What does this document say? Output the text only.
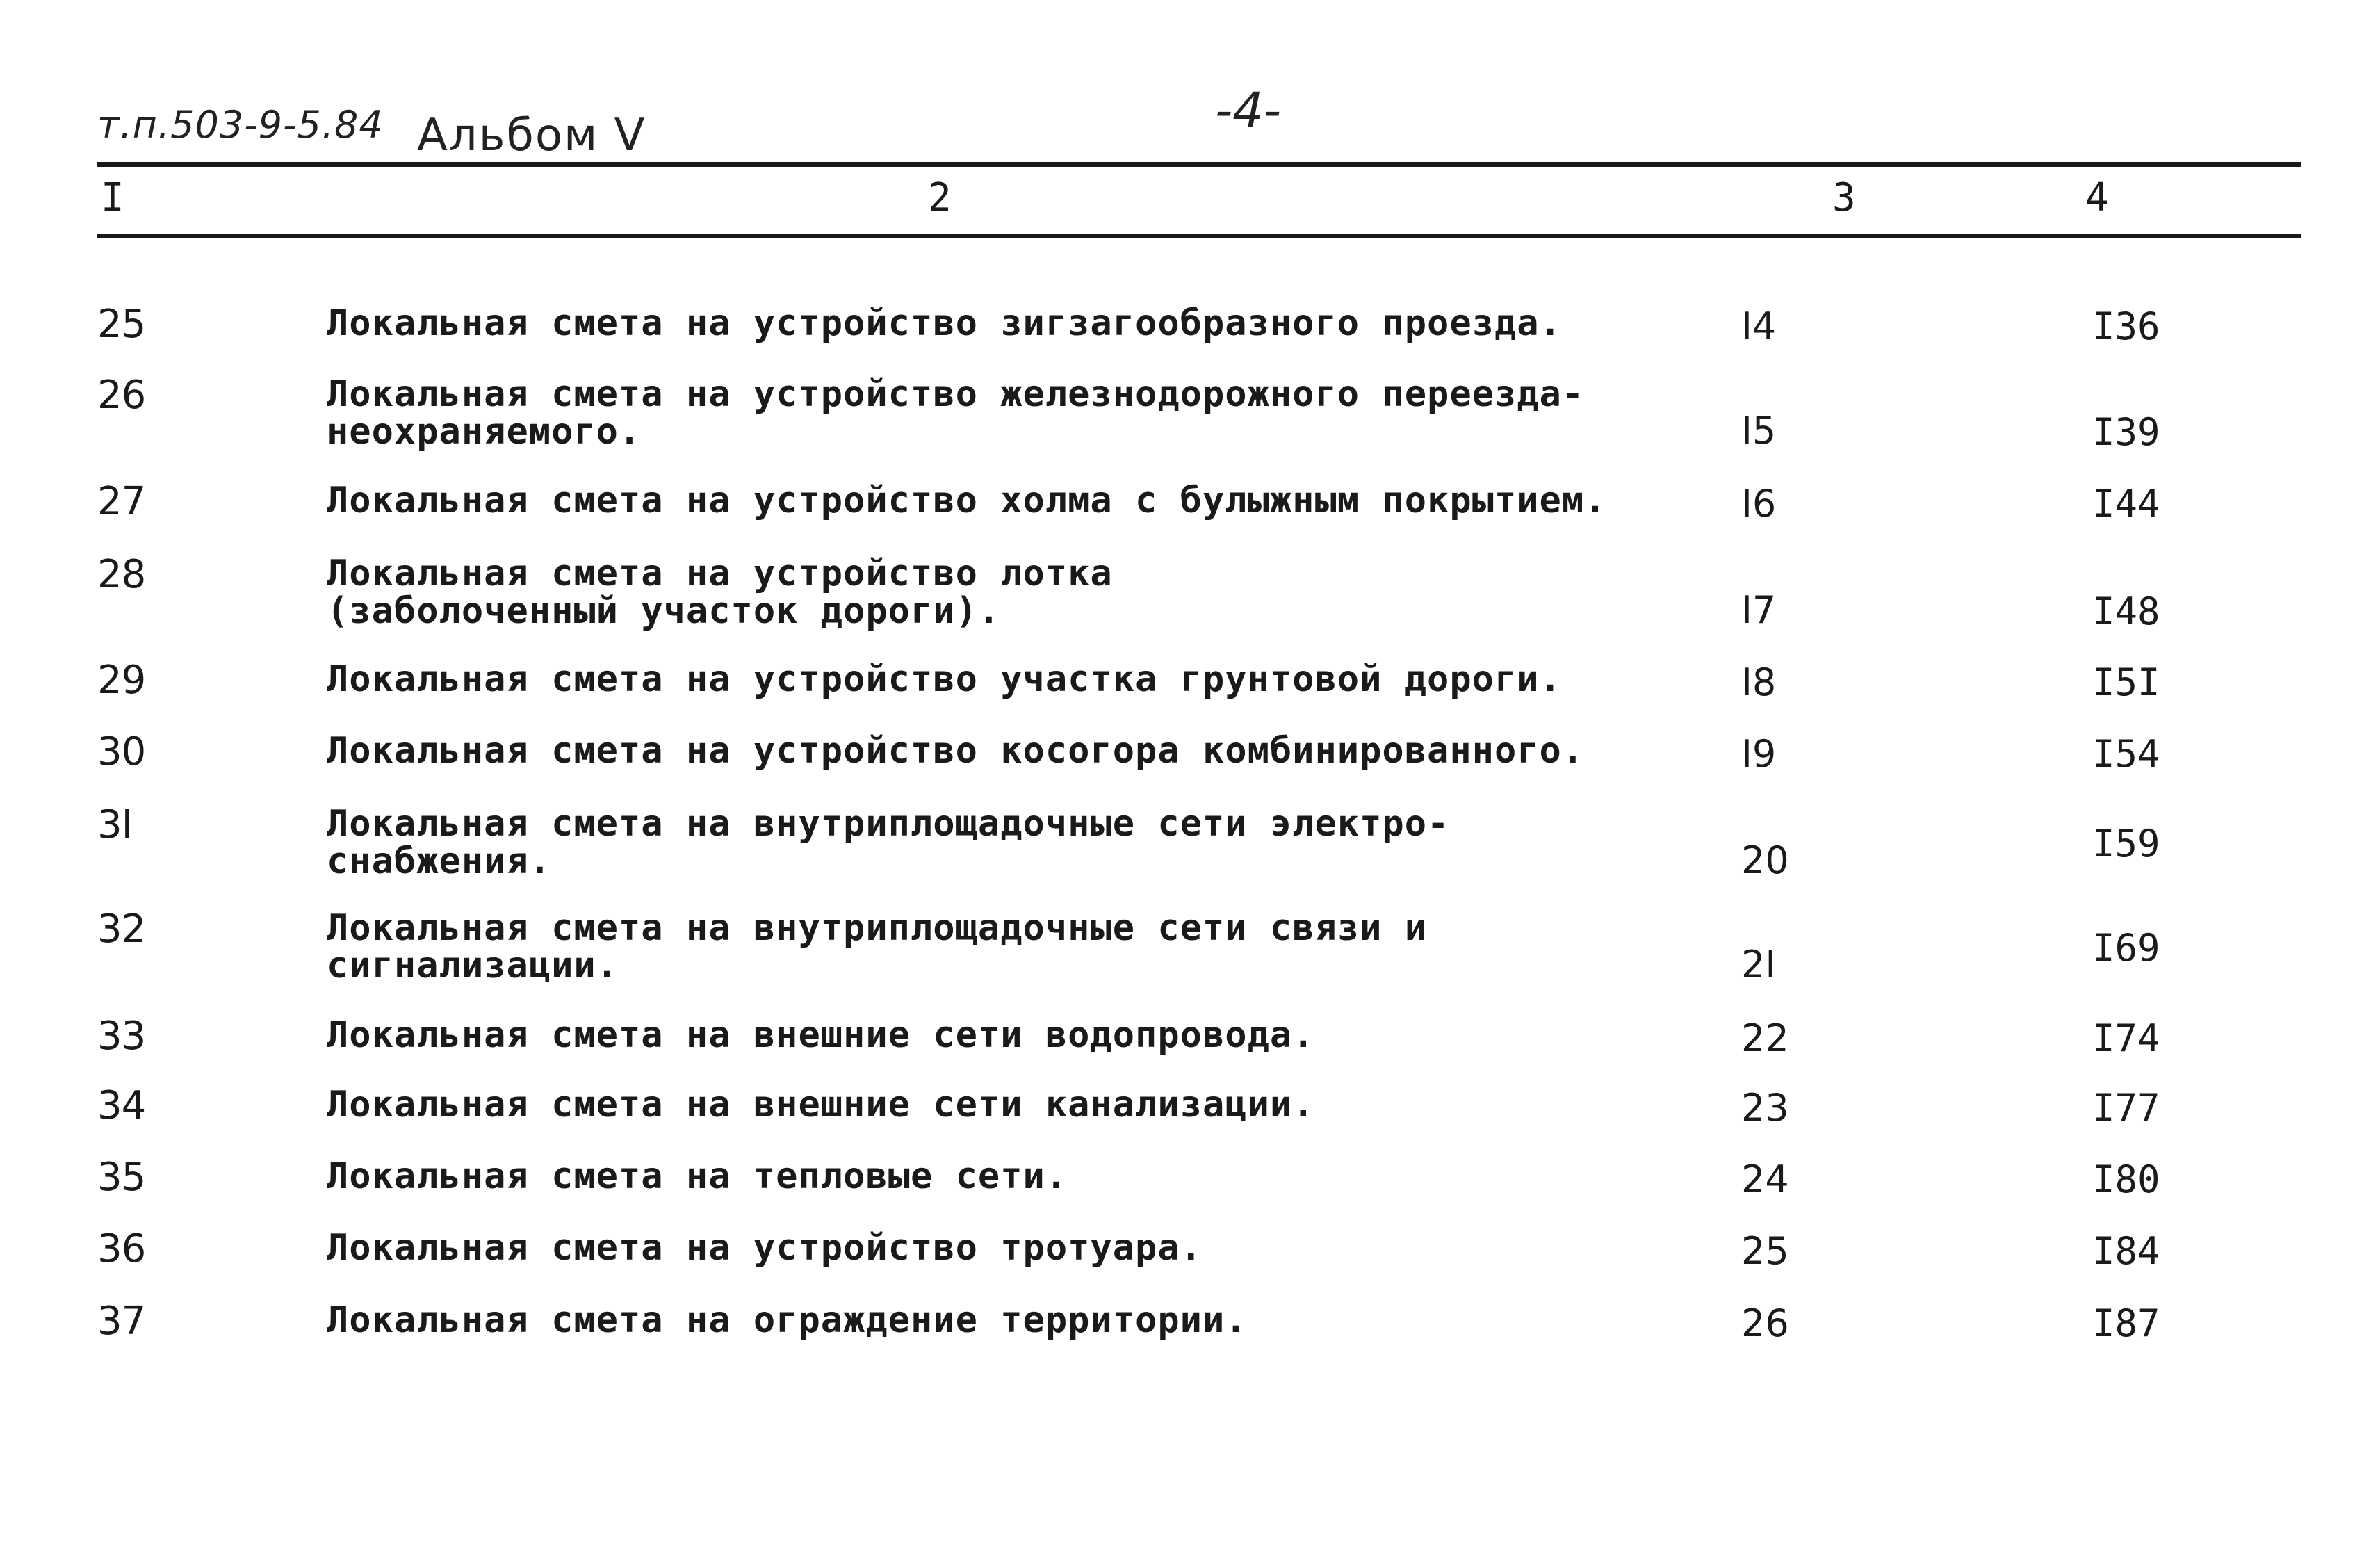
т.п.503-9-5.84 Альбом V	-4-
I	2	3	4
25	Локальная смета на устройство зигзагообразного проезда.	I4	I36
26	Локальная смета на устройство железнодорожного переезда-
неохраняемого.	I5	I39
27	Локальная смета на устройство холма с булыжным покрытием.	I6	I44
28	Локальная смета на устройство лотка
(заболоченный участок дороги).	I7	I48
29	Локальная смета на устройство участка грунтовой дороги.	I8	I5I
30	Локальная смета на устройство косогора комбинированного.	I9	I54
3I	Локальная смета на внутриплощадочные сети электро-
снабжения.	20	I59
32	Локальная смета на внутриплощадочные сети связи и
сигнализации.	2I	I69
33	Локальная смета на внешние сети водопровода.	22	I74
34	Локальная смета на внешние сети канализации.	23	I77
35	Локальная смета на тепловые сети.	24	I80
36	Локальная смета на устройство тротуара.	25	I84
37	Локальная смета на ограждение территории.	26	I87
